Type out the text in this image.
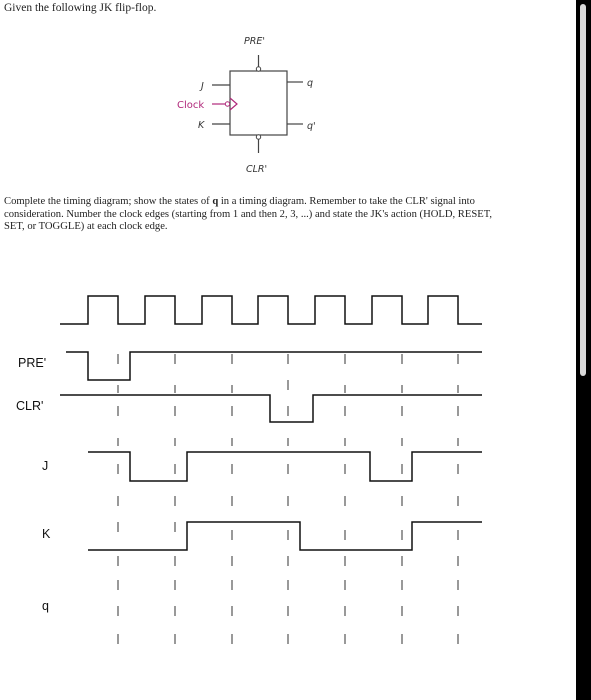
Given the following JK flip-flop.
PRE'
CLR'
J
Clock
K
q
q'
PRE'
CLR'
J
K
q
Complete the timing diagram; show the states of q in a timing diagram. Remember to take the CLR' signal into consideration. Number the clock edges (starting from 1 and then 2, 3, ...) and state the JK's action (HOLD, RESET, SET, or TOGGLE) at each clock edge.
